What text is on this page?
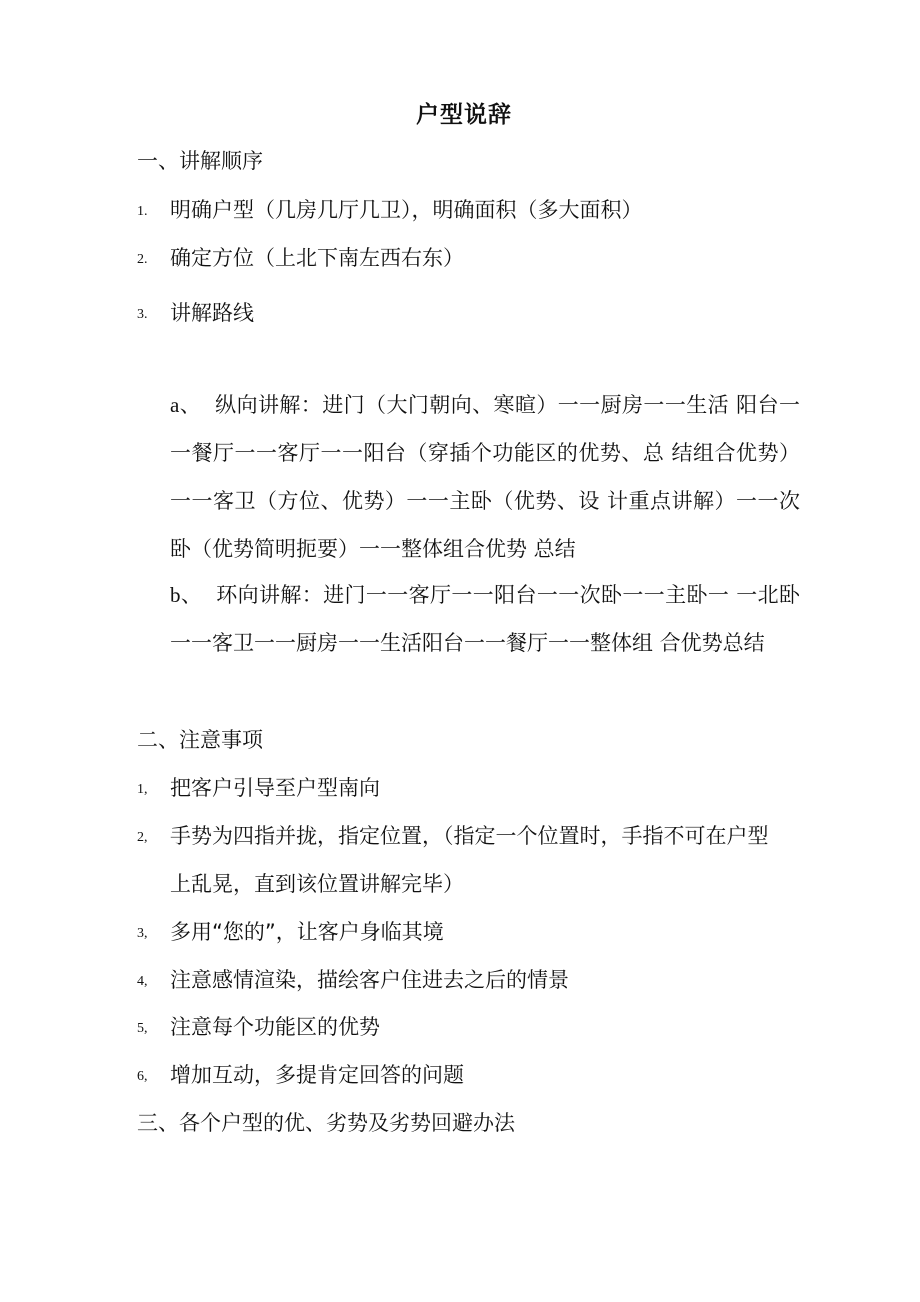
户型说辞
一、讲解顺序
1. 明确户型（几房几厅几卫），明确面积（多大面积）
2. 确定方位（上北下南左西右东）
3. 讲解路线
a、 纵向讲解：进门（大门朝向、寒暄）一一厨房一一生活 阳台一一餐厅一一客厅一一阳台（穿插个功能区的优势、总 结组合优势）一一客卫（方位、优势）一一主卧（优势、设 计重点讲解）一一次卧（优势简明扼要）一一整体组合优势 总结
b、 环向讲解：进门一一客厅一一阳台一一次卧一一主卧一 一北卧一一客卫一一厨房一一生活阳台一一餐厅一一整体组 合优势总结
二、注意事项
1, 把客户引导至户型南向
2, 手势为四指并拢，指定位置，（指定一个位置时，手指不可在户型上乱晃，直到该位置讲解完毕）
3, 多用“您的”，让客户身临其境
4, 注意感情渲染，描绘客户住进去之后的情景
5, 注意每个功能区的优势
6, 增加互动，多提肯定回答的问题
三、各个户型的优、劣势及劣势回避办法
